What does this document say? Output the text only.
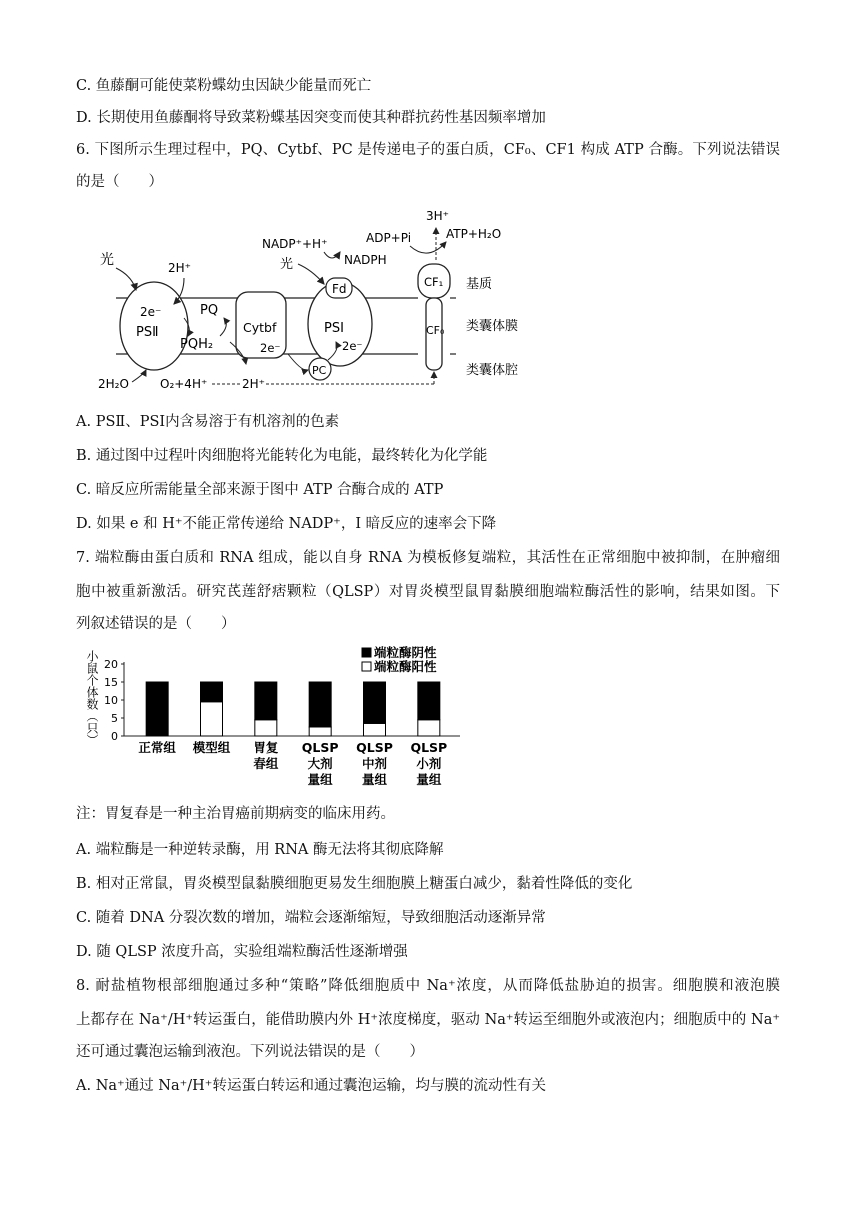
C. 鱼藤酮可能使菜粉蝶幼虫因缺少能量而死亡
D. 长期使用鱼藤酮将导致菜粉蝶基因突变而使其种群抗药性基因频率增加
6. 下图所示生理过程中，PQ、Cytbf、PC 是传递电子的蛋白质，CF₀、CF1 构成 ATP 合酶。下列说法错误
的是（　　）
2e⁻
PSⅡ
光	2H⁺
PQ
PQH₂
Cytbf
2e⁻
Fd
PSⅠ
2e⁻
PC
NADP⁺+H⁺
NADPH
光
CF₁
CF₀
3H⁺
ADP+Pi	ATP+H₂O
基质
类囊体膜
类囊体腔
2H₂O	O₂+4H⁺	2H⁺
A. PSⅡ、PSⅠ内含易溶于有机溶剂的色素
B. 通过图中过程叶肉细胞将光能转化为电能，最终转化为化学能
C. 暗反应所需能量全部来源于图中 ATP 合酶合成的 ATP
D. 如果 e 和 H⁺不能正常传递给 NADP⁺，I 暗反应的速率会下降
7. 端粒酶由蛋白质和 RNA 组成，能以自身 RNA 为模板修复端粒，其活性在正常细胞中被抑制，在肿瘤细
胞中被重新激活。研究芪莲舒痞颗粒（QLSP）对胃炎模型鼠胃黏膜细胞端粒酶活性的影响，结果如图。下
列叙述错误的是（　　）
小鼠个体数（只） 0
5
10
15
20
正常组 模型组 胃复
春组
QLSP
大剂
量组
QLSP
中剂
量组
QLSP
小剂
量组
端粒酶阴性
端粒酶阳性
注：胃复春是一种主治胃癌前期病变的临床用药。
A. 端粒酶是一种逆转录酶，用 RNA 酶无法将其彻底降解
B. 相对正常鼠，胃炎模型鼠黏膜细胞更易发生细胞膜上糖蛋白减少，黏着性降低的变化
C. 随着 DNA 分裂次数的增加，端粒会逐渐缩短，导致细胞活动逐渐异常
D. 随 QLSP 浓度升高，实验组端粒酶活性逐渐增强
8. 耐盐植物根部细胞通过多种“策略”降低细胞质中 Na⁺浓度，从而降低盐胁迫的损害。细胞膜和液泡膜
上都存在 Na⁺/H⁺转运蛋白，能借助膜内外 H⁺浓度梯度，驱动 Na⁺转运至细胞外或液泡内；细胞质中的 Na⁺
还可通过囊泡运输到液泡。下列说法错误的是（　　）
A. Na⁺通过 Na⁺/H⁺转运蛋白转运和通过囊泡运输，均与膜的流动性有关
